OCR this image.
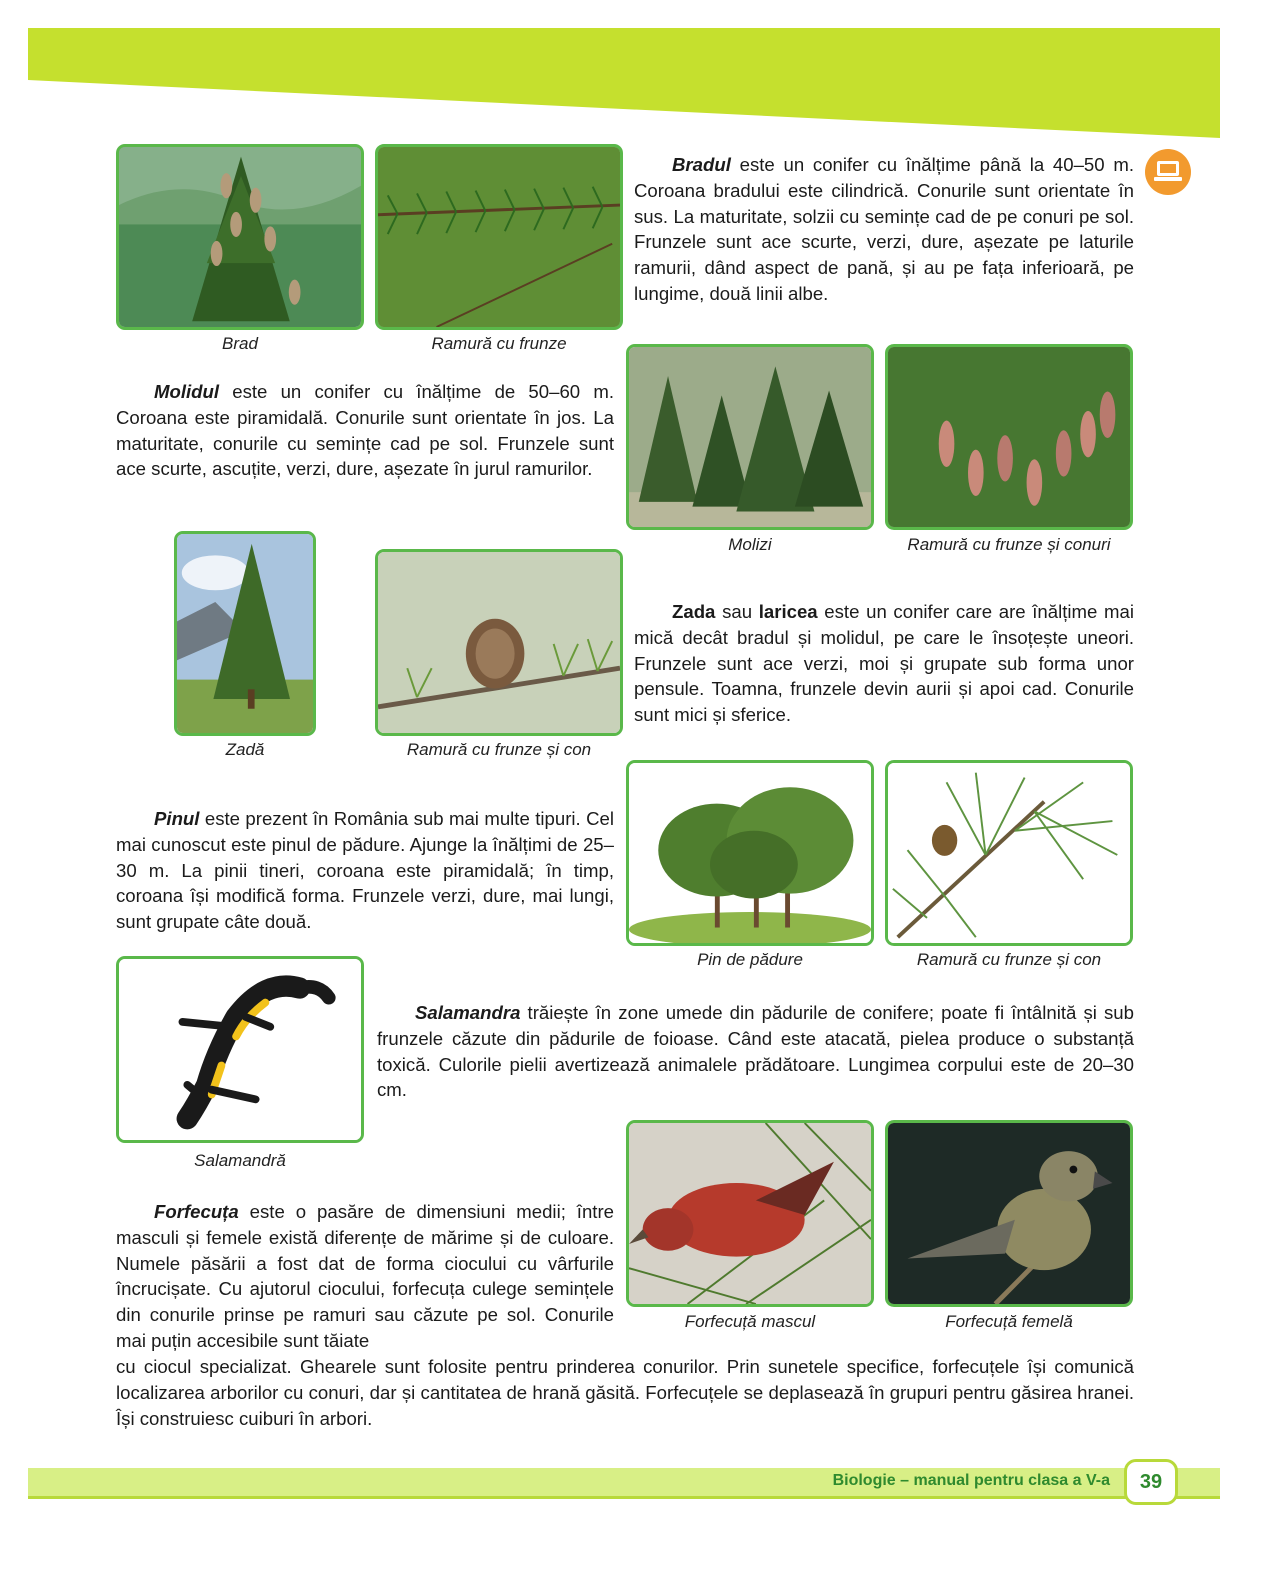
Brad	Ramură cu frunze

Bradul este un conifer cu înălțime până la 40–50 m. Coroana bradului este cilindrică. Conurile sunt orientate în sus. La maturitate, solzii cu semințe cad de pe conuri pe sol. Frunzele sunt ace scurte, verzi, dure, așezate pe laturile ramurii, dând aspect de pană, și au pe fața inferioară, pe lungime, două linii albe.

Molidul este un conifer cu înălțime de 50–60 m. Coroana este piramidală. Conurile sunt orientate în jos. La maturitate, conurile cu semințe cad pe sol. Frunzele sunt ace scurte, ascuțite, verzi, dure, așezate în jurul ramurilor.

Molizi	Ramură cu frunze și conuri
Zadă	Ramură cu frunze și con

Zada sau laricea este un conifer care are înălțime mai mică decât bradul și molidul, pe care le însoțește uneori. Frunzele sunt ace verzi, moi și grupate sub forma unor pensule. Toamna, frunzele devin aurii și apoi cad. Conurile sunt mici și sferice.

Pinul este prezent în România sub mai multe tipuri. Cel mai cunoscut este pinul de pădure. Ajunge la înălțimi de 25–30 m. La pinii tineri, coroana este piramidală; în timp, coroana își modifică forma. Frunzele verzi, dure, mai lungi, sunt grupate câte două.

Pin de pădure	Ramură cu frunze și con
Salamandră

Salamandra trăiește în zone umede din pădurile de conifere; poate fi întâlnită și sub frunzele căzute din pădurile de foioase. Când este atacată, pielea produce o substanță toxică. Culorile pielii avertizează animalele prădătoare. Lungimea corpului este de 20–30 cm.

Forfecuța este o pasăre de dimensiuni medii; între masculi și femele există diferențe de mărime și de culoare. Numele păsării a fost dat de forma ciocului cu vârfurile încrucișate. Cu ajutorul ciocului, forfecuța culege semințele din conurile prinse pe ramuri sau căzute pe sol. Conurile mai puțin accesibile sunt tăiate

Forfecuță mascul	Forfecuță femelă

cu ciocul specializat. Ghearele sunt folosite pentru prinderea conurilor. Prin sunetele specifice, forfecuțele își comunică localizarea arborilor cu conuri, dar și cantitatea de hrană găsită. Forfecuțele se deplasează în grupuri pentru găsirea hranei. Își construiesc cuiburi în arbori.

Biologie – manual pentru clasa a V-a	39
